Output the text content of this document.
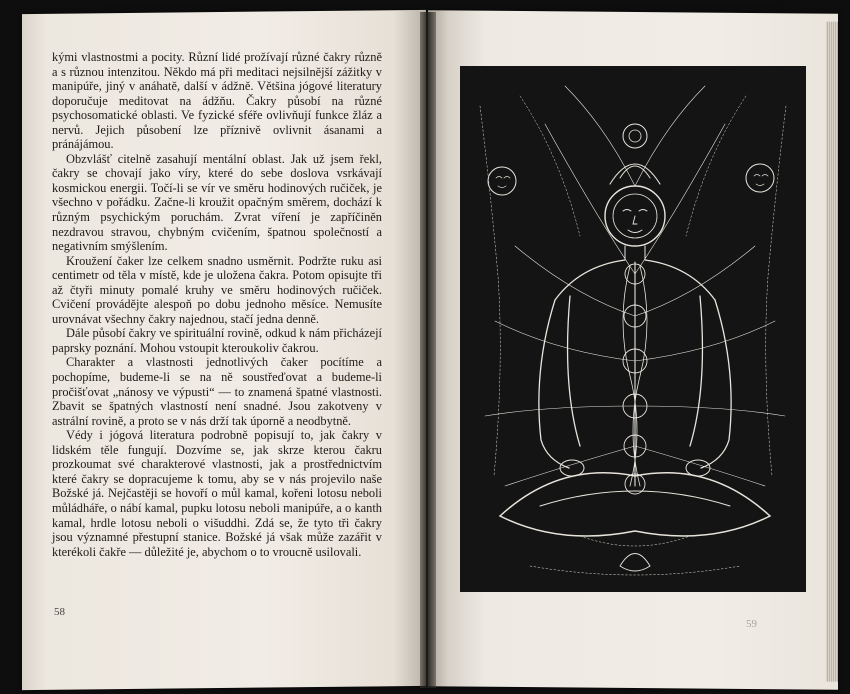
kými vlastnostmi a pocity. Různí lidé prožívají různé čakry různě a s různou intenzitou. Někdo má při meditaci nejsilnější zážitky v manipúře, jiný v anáhatě, další v ádžně. Většina jógové literatury doporučuje meditovat na ádžňu. Čakry působí na různé psychosomatické oblasti. Ve fyzické sféře ovlivňují funkce žláz a nervů. Jejich působení lze příznivě ovlivnit ásanami a pránájámou.

Obzvlášť citelně zasahují mentální oblast. Jak už jsem řekl, čakry se chovají jako víry, které do sebe doslova vsrkávají kosmickou energii. Točí-li se vír ve směru hodinových ručiček, je všechno v pořádku. Začne-li kroužit opačným směrem, dochází k různým psychickým poruchám. Zvrat víření je zapříčiněn nezdravou stravou, chybným cvičením, špatnou společností a negativním smýšlením.

Kroužení čaker lze celkem snadno usměrnit. Podržte ruku asi centimetr od těla v místě, kde je uložena čakra. Potom opisujte tři až čtyři minuty pomalé kruhy ve směru hodinových ručiček. Cvičení provádějte alespoň po dobu jednoho měsíce. Nemusíte urovnávat všechny čakry najednou, stačí jedna denně.

Dále působí čakry ve spirituální rovině, odkud k nám přicházejí paprsky poznání. Mohou vstoupit kteroukoliv čakrou.

Charakter a vlastnosti jednotlivých čaker pocítíme a pochopíme, budeme-li se na ně soustřeďovat a budeme-li pročišťovat „nánosy ve výpusti“ — to znamená špatné vlastnosti. Zbavit se špatných vlastností není snadné. Jsou zakotveny v astrální rovině, a proto se v nás drží tak úporně a neodbytně.

Védy i jógová literatura podrobně popisují to, jak čakry v lidském těle fungují. Dozvíme se, jak skrze kterou čakru prozkoumat své charakterové vlastnosti, jak a prostřednictvím které čakry se dopracujeme k tomu, aby se v nás projevilo naše Božské já. Nejčastěji se hovoří o můl kamal, kořeni lotosu neboli můládháře, o nábí kamal, pupku lotosu neboli manipúře, a o kanth kamal, hrdle lotosu neboli o višuddhi. Zdá se, že tyto tři čakry jsou významné přestupní stanice. Božské já však může zazářit v kterékoli čakře — důležité je, abychom o to vroucně usilovali.

58
59
